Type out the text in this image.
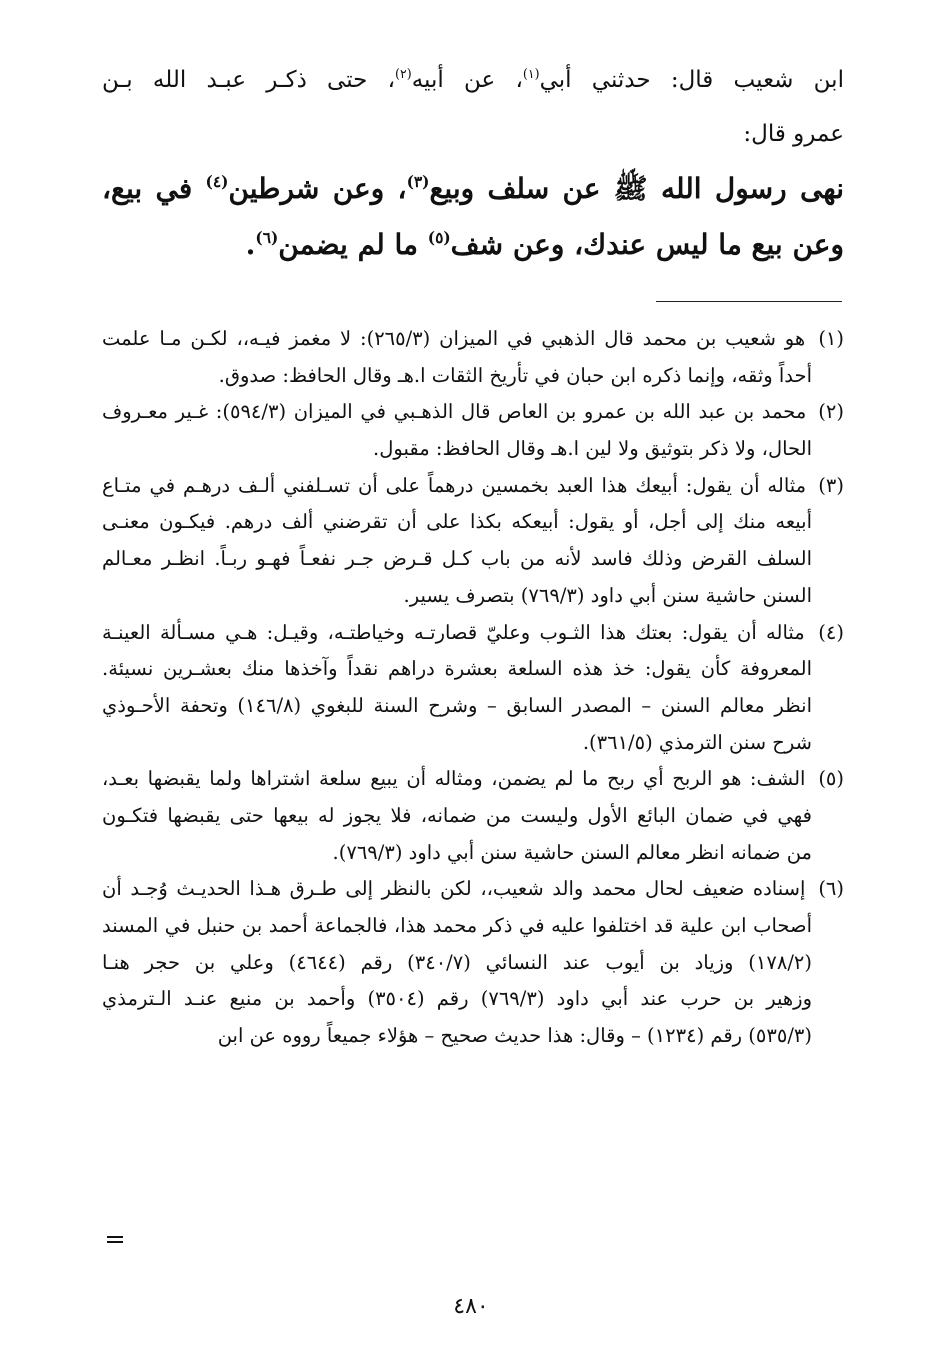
ابن شعيب قال: حدثني أبي$^{(١)}$، عن أبيه$^{(٢)}$، حتى ذكـر عبـد الله بـن
عمرو قال:
نهى رسول الله ﷺ عن سلف وبيع$^{(٣)}$، وعن شرطين$^{(٤)}$ في بيع،
وعن بيع ما ليس عندك، وعن شف$^{(٥)}$ ما لم يضمن$^{(٦)}$.
(١) هو شعيب بن محمد قال الذهبي في الميزان (٢٦٥/٣): لا مغمز فيـه،، لكـن مـا علمت
أحداً وثقه، وإنما ذكره ابن حبان في تأريخ الثقات ا.هـ وقال الحافظ: صدوق.
(٢) محمد بن عبد الله بن عمرو بن العاص قال الذهـبي في الميزان (٥٩٤/٣): غـير معـروف
الحال، ولا ذكر بتوثيق ولا لين ا.هـ وقال الحافظ: مقبول.
(٣) مثاله أن يقول: أبيعك هذا العبد بخمسين درهماً على أن تسـلفني ألـف درهـم في متـاع
أبيعه منك إلى أجل، أو يقول: أبيعكه بكذا على أن تقرضني ألف درهم. فيكـون معنـى
السلف القرض وذلك فاسد لأنه من باب كـل قـرض جـر نفعـاً فهـو ربـاً. انظـر معـالم
السنن حاشية سنن أبي داود (٧٦٩/٣) بتصرف يسير.
(٤) مثاله أن يقول: بعتك هذا الثـوب وعليّ قصارتـه وخياطتـه، وقيـل: هـي مسـألة العينـة
المعروفة كأن يقول: خذ هذه السلعة بعشرة دراهم نقداً وآخذها منك بعشـرين نسيئة.
انظر معالم السنن – المصدر السابق – وشرح السنة للبغوي (١٤٦/٨) وتحفة الأحـوذي
شرح سنن الترمذي (٣٦١/٥).
(٥) الشف: هو الربح أي ربح ما لم يضمن، ومثاله أن يبيع سلعة اشتراها ولما يقبضها بعـد،
فهي في ضمان البائع الأول وليست من ضمانه، فلا يجوز له بيعها حتى يقبضها فتكـون
من ضمانه انظر معالم السنن حاشية سنن أبي داود (٧٦٩/٣).
(٦) إسناده ضعيف لحال محمد والد شعيب،، لكن بالنظر إلى طـرق هـذا الحديـث وُجـد أن
أصحاب ابن علية قد اختلفوا عليه في ذكر محمد هذا، فالجماعة أحمد بن حنبل في المسند
(١٧٨/٢) وزياد بن أيوب عند النسائي (٣٤٠/٧) رقم (٤٦٤٤) وعلي بن حجر هنـا
وزهير بن حرب عند أبي داود (٧٦٩/٣) رقم (٣٥٠٤) وأحمد بن منيع عنـد الـترمذي
(٥٣٥/٣) رقم (١٢٣٤) – وقال: هذا حديث صحيح – هؤلاء جميعاً رووه عن ابن
٤٨٠
